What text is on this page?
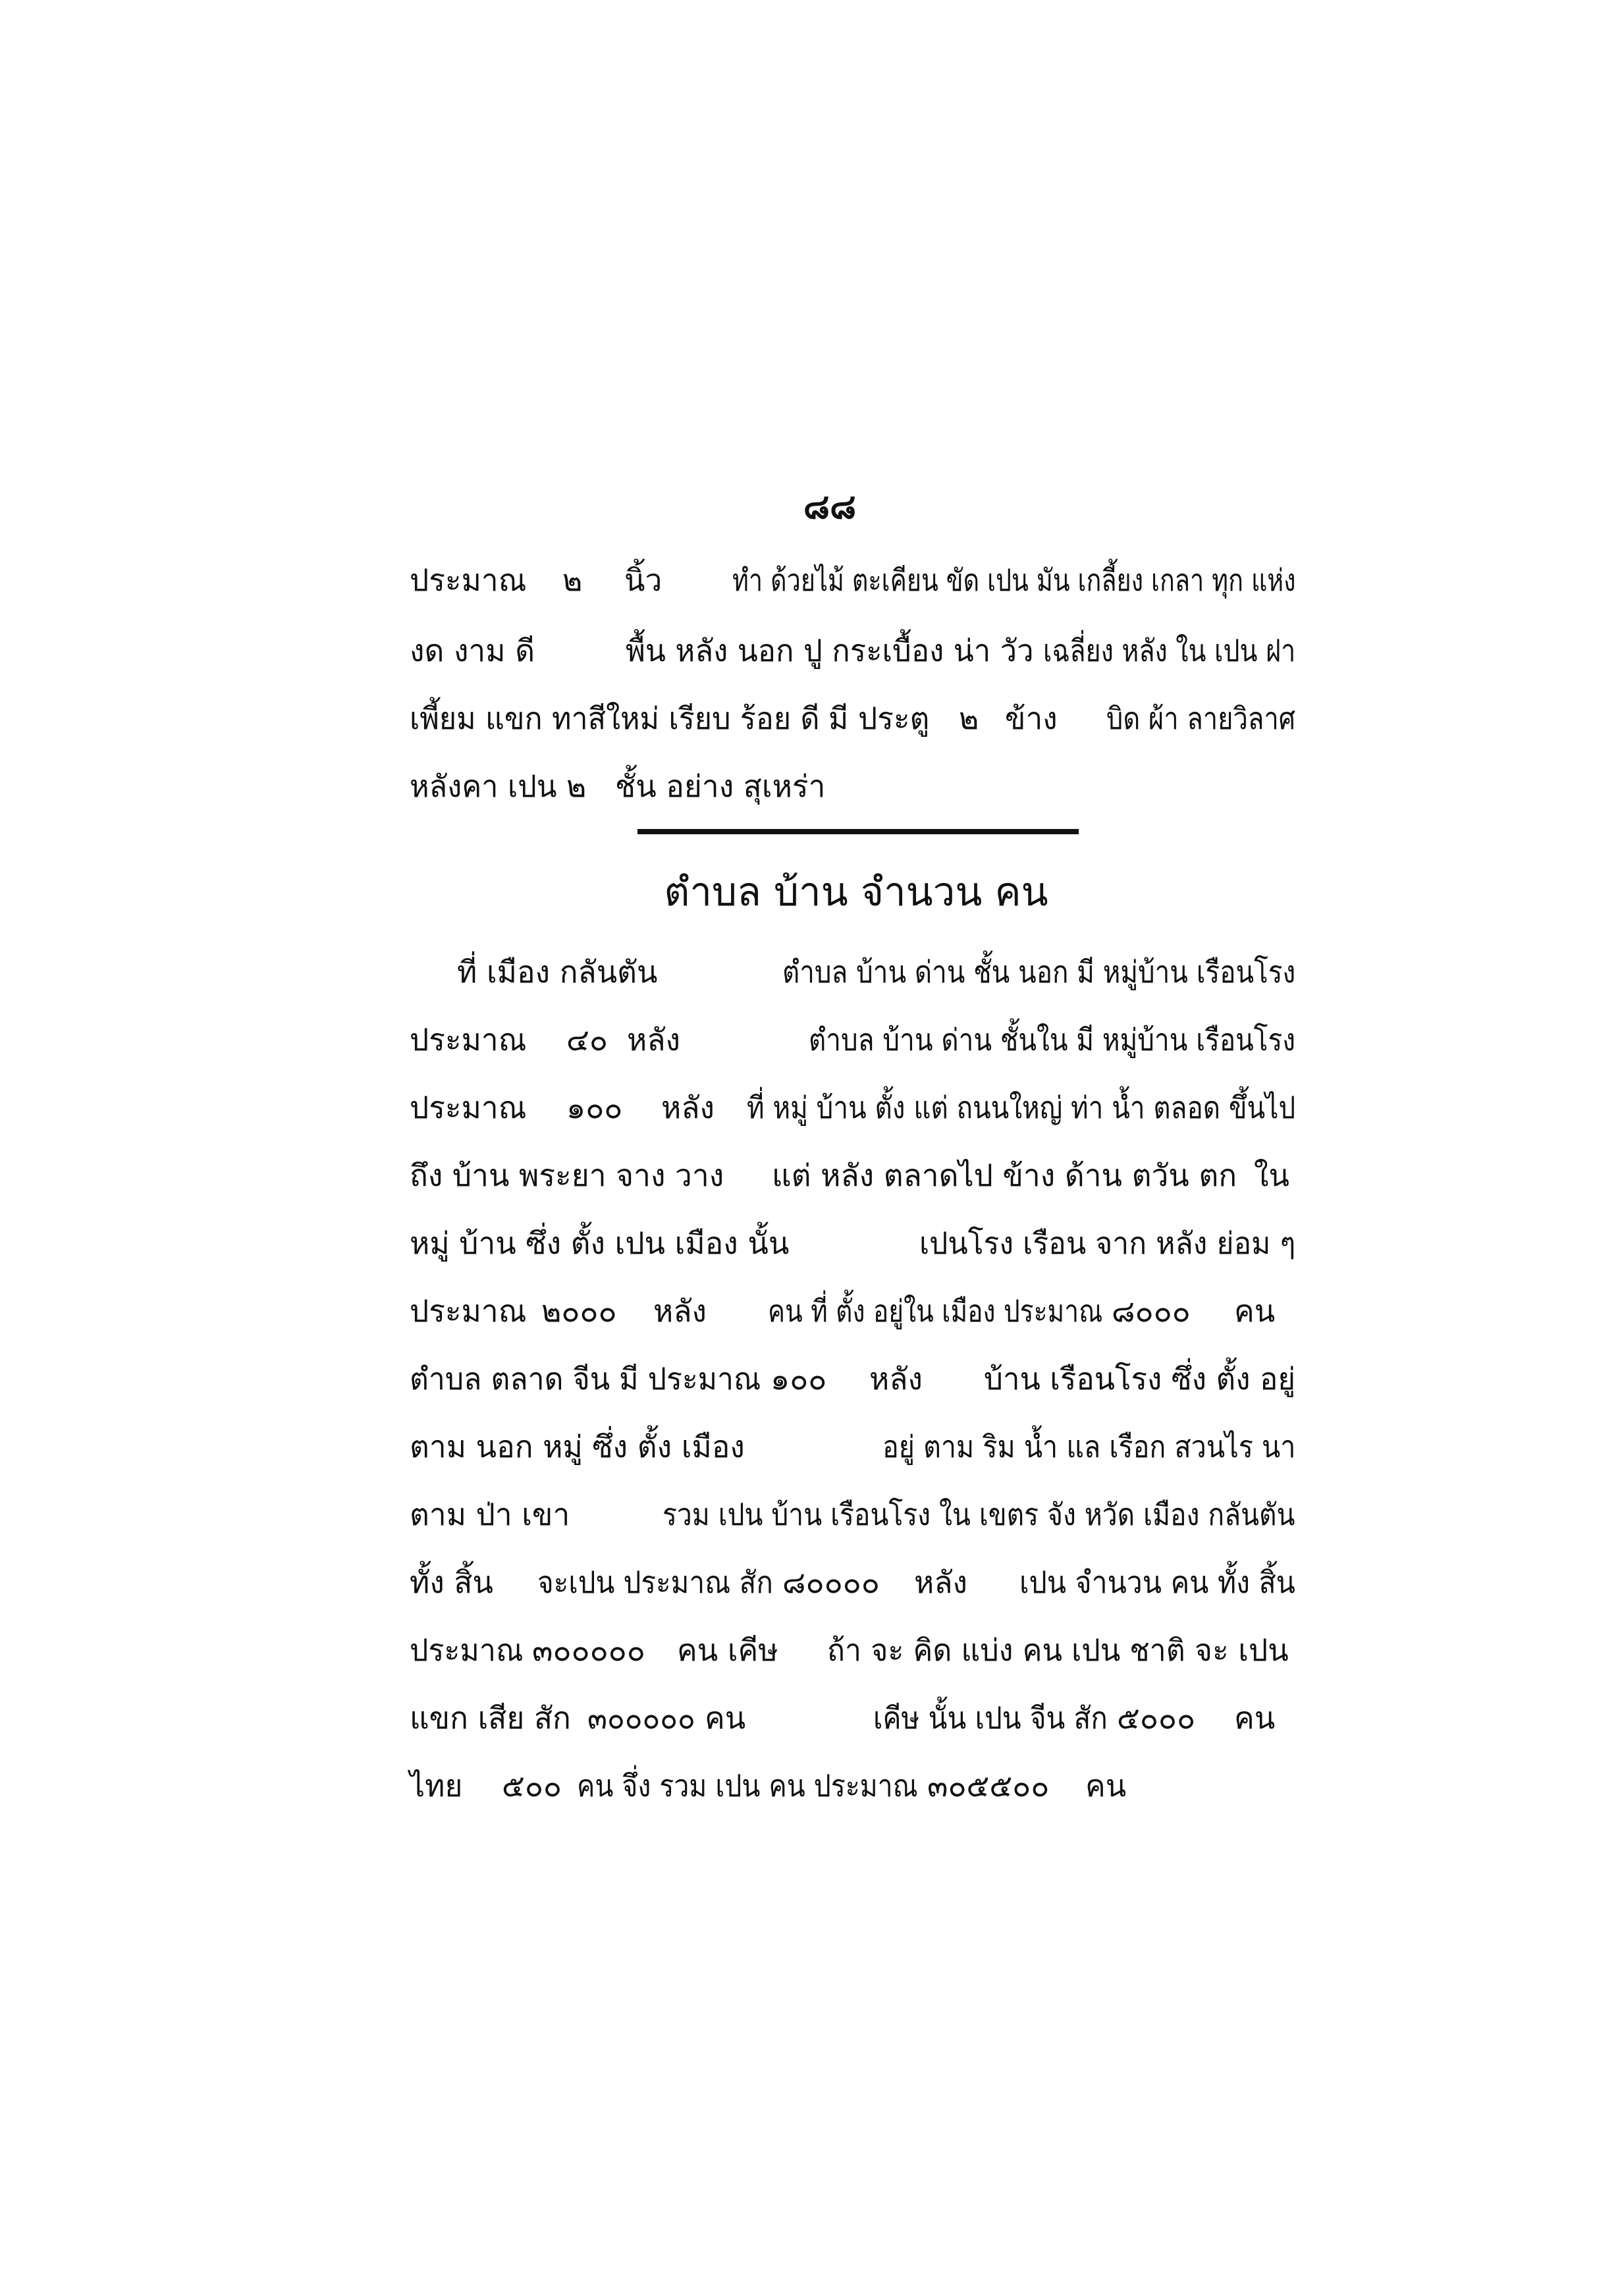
๘๘
ประมาณ ๒ นิ้ว ทำ ด้วยไม้ ตะเคียน ขัด เปน มัน เกลี้ยง เกลา ทุก แห่ง
งด งาม ดี	พื้น หลัง นอก ปู กระเบื้อง น่า วัว เฉลี่ยง หลัง ใน เปน ฝา
เพี้ยม แขก ทาสีใหม่ เรียบ ร้อย ดี มี ประตู ๒ ข้าง บิด ผ้า ลายวิลาศ
หลังคา เปน ๒ ชั้น อย่าง สุเหร่า
ตำบล บ้าน จำนวน คน
ที่ เมือง กลันตัน	ตำบล บ้าน ด่าน ชั้น นอก มี หมู่บ้าน เรือนโรง
ประมาณ ๔๐ หลัง	ตำบล บ้าน ด่าน ชั้นใน มี หมู่บ้าน เรือนโรง
ประมาณ ๑๐๐ หลัง ที่ หมู่ บ้าน ตั้ง แต่ ถนนใหญ่ ท่า น้ำ ตลอด ขึ้นไป
ถึง บ้าน พระยา จาง วาง แต่ หลัง ตลาดไป ข้าง ด้าน ตวัน ตก ใน
หมู่ บ้าน ซึ่ง ตั้ง เปน เมือง นั้น	เปนโรง เรือน จาก หลัง ย่อม ๆ
ประมาณ ๒๐๐๐ หลัง คน ที่ ตั้ง อยู่ใน เมือง ประมาณ ๘๐๐๐ คน
ตำบล ตลาด จีน มี ประมาณ ๑๐๐ หลัง บ้าน เรือนโรง ซึ่ง ตั้ง อยู่
ตาม นอก หมู่ ซึ่ง ตั้ง เมือง	อยู่ ตาม ริม น้ำ แล เรือก สวนไร นา
ตาม ป่า เขา	รวม เปน บ้าน เรือนโรง ใน เขตร จัง หวัด เมือง กลันตัน
ทั้ง สิ้น จะเปน ประมาณ สัก ๘๐๐๐๐ หลัง เปน จำนวน คน ทั้ง สิ้น
ประมาณ ๓๐๐๐๐๐ คน เคีษ ถ้า จะ คิด แบ่ง คน เปน ชาติ จะ เปน
แขก เสีย สัก ๓๐๐๐๐๐ คน	เคีษ นั้น เปน จีน สัก ๕๐๐๐ คน
ไทย ๕๐๐ คน จึ่ง รวม เปน คน ประมาณ ๓๐๕๕๐๐ คน
